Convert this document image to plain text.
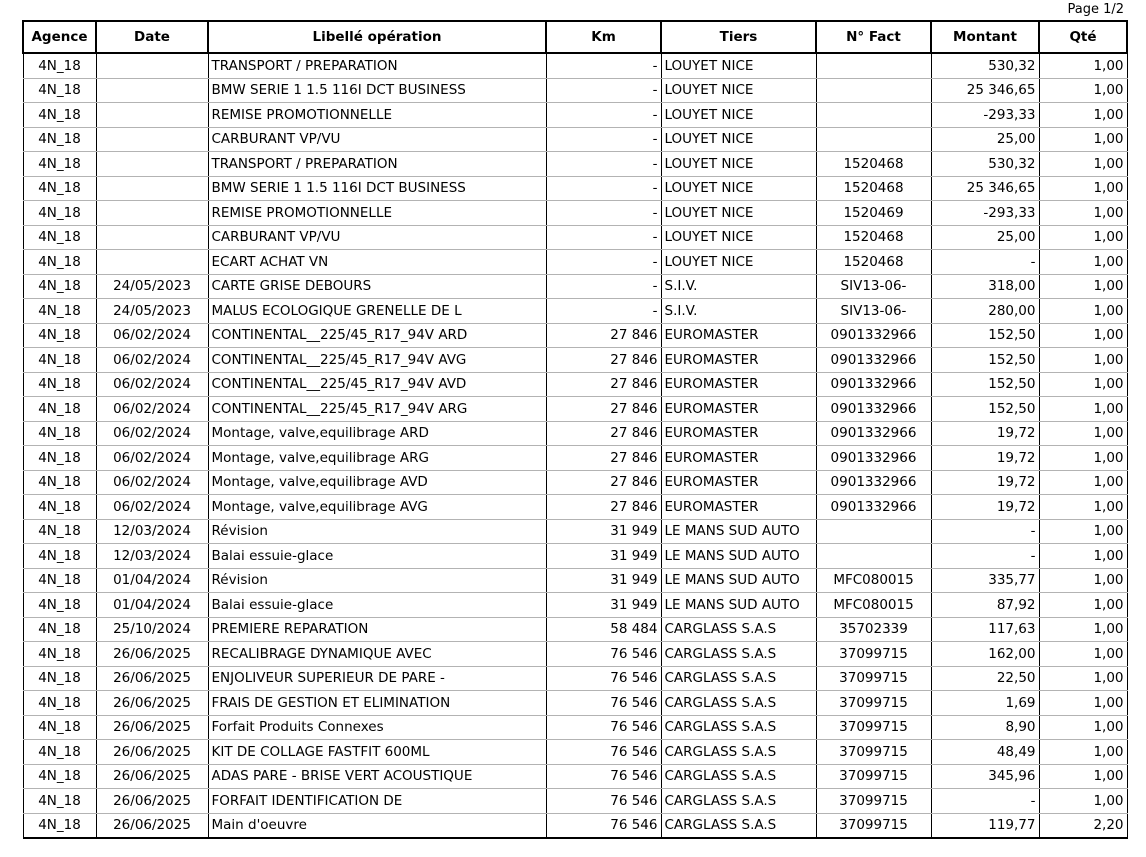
Page 1/2
Agence	Date	Libellé opération	Km	Tiers	N° Fact	Montant	Qté
4N_18		TRANSPORT / PREPARATION	-	LOUYET NICE		530,32	1,00
4N_18		BMW SERIE 1 1.5 116I DCT BUSINESS	-	LOUYET NICE		25 346,65	1,00
4N_18		REMISE PROMOTIONNELLE	-	LOUYET NICE		-293,33	1,00
4N_18		CARBURANT VP/VU	-	LOUYET NICE		25,00	1,00
4N_18		TRANSPORT / PREPARATION	-	LOUYET NICE	1520468	530,32	1,00
4N_18		BMW SERIE 1 1.5 116I DCT BUSINESS	-	LOUYET NICE	1520468	25 346,65	1,00
4N_18		REMISE PROMOTIONNELLE	-	LOUYET NICE	1520469	-293,33	1,00
4N_18		CARBURANT VP/VU	-	LOUYET NICE	1520468	25,00	1,00
4N_18		ECART ACHAT VN	-	LOUYET NICE	1520468	-	1,00
4N_18	24/05/2023	CARTE GRISE DEBOURS	-	S.I.V.	SIV13-06-	318,00	1,00
4N_18	24/05/2023	MALUS ECOLOGIQUE GRENELLE DE L	-	S.I.V.	SIV13-06-	280,00	1,00
4N_18	06/02/2024	CONTINENTAL__225/45_R17_94V ARD	27 846	EUROMASTER	0901332966	152,50	1,00
4N_18	06/02/2024	CONTINENTAL__225/45_R17_94V AVG	27 846	EUROMASTER	0901332966	152,50	1,00
4N_18	06/02/2024	CONTINENTAL__225/45_R17_94V AVD	27 846	EUROMASTER	0901332966	152,50	1,00
4N_18	06/02/2024	CONTINENTAL__225/45_R17_94V ARG	27 846	EUROMASTER	0901332966	152,50	1,00
4N_18	06/02/2024	Montage, valve,equilibrage ARD	27 846	EUROMASTER	0901332966	19,72	1,00
4N_18	06/02/2024	Montage, valve,equilibrage ARG	27 846	EUROMASTER	0901332966	19,72	1,00
4N_18	06/02/2024	Montage, valve,equilibrage AVD	27 846	EUROMASTER	0901332966	19,72	1,00
4N_18	06/02/2024	Montage, valve,equilibrage AVG	27 846	EUROMASTER	0901332966	19,72	1,00
4N_18	12/03/2024	Révision	31 949	LE MANS SUD AUTO		-	1,00
4N_18	12/03/2024	Balai essuie-glace	31 949	LE MANS SUD AUTO		-	1,00
4N_18	01/04/2024	Révision	31 949	LE MANS SUD AUTO	MFC080015	335,77	1,00
4N_18	01/04/2024	Balai essuie-glace	31 949	LE MANS SUD AUTO	MFC080015	87,92	1,00
4N_18	25/10/2024	PREMIERE REPARATION	58 484	CARGLASS S.A.S	35702339	117,63	1,00
4N_18	26/06/2025	RECALIBRAGE DYNAMIQUE AVEC	76 546	CARGLASS S.A.S	37099715	162,00	1,00
4N_18	26/06/2025	ENJOLIVEUR SUPERIEUR DE PARE -	76 546	CARGLASS S.A.S	37099715	22,50	1,00
4N_18	26/06/2025	FRAIS DE GESTION ET ELIMINATION	76 546	CARGLASS S.A.S	37099715	1,69	1,00
4N_18	26/06/2025	Forfait Produits Connexes	76 546	CARGLASS S.A.S	37099715	8,90	1,00
4N_18	26/06/2025	KIT DE COLLAGE FASTFIT 600ML	76 546	CARGLASS S.A.S	37099715	48,49	1,00
4N_18	26/06/2025	ADAS PARE - BRISE VERT ACOUSTIQUE	76 546	CARGLASS S.A.S	37099715	345,96	1,00
4N_18	26/06/2025	FORFAIT IDENTIFICATION DE	76 546	CARGLASS S.A.S	37099715	-	1,00
4N_18	26/06/2025	Main d'oeuvre	76 546	CARGLASS S.A.S	37099715	119,77	2,20
